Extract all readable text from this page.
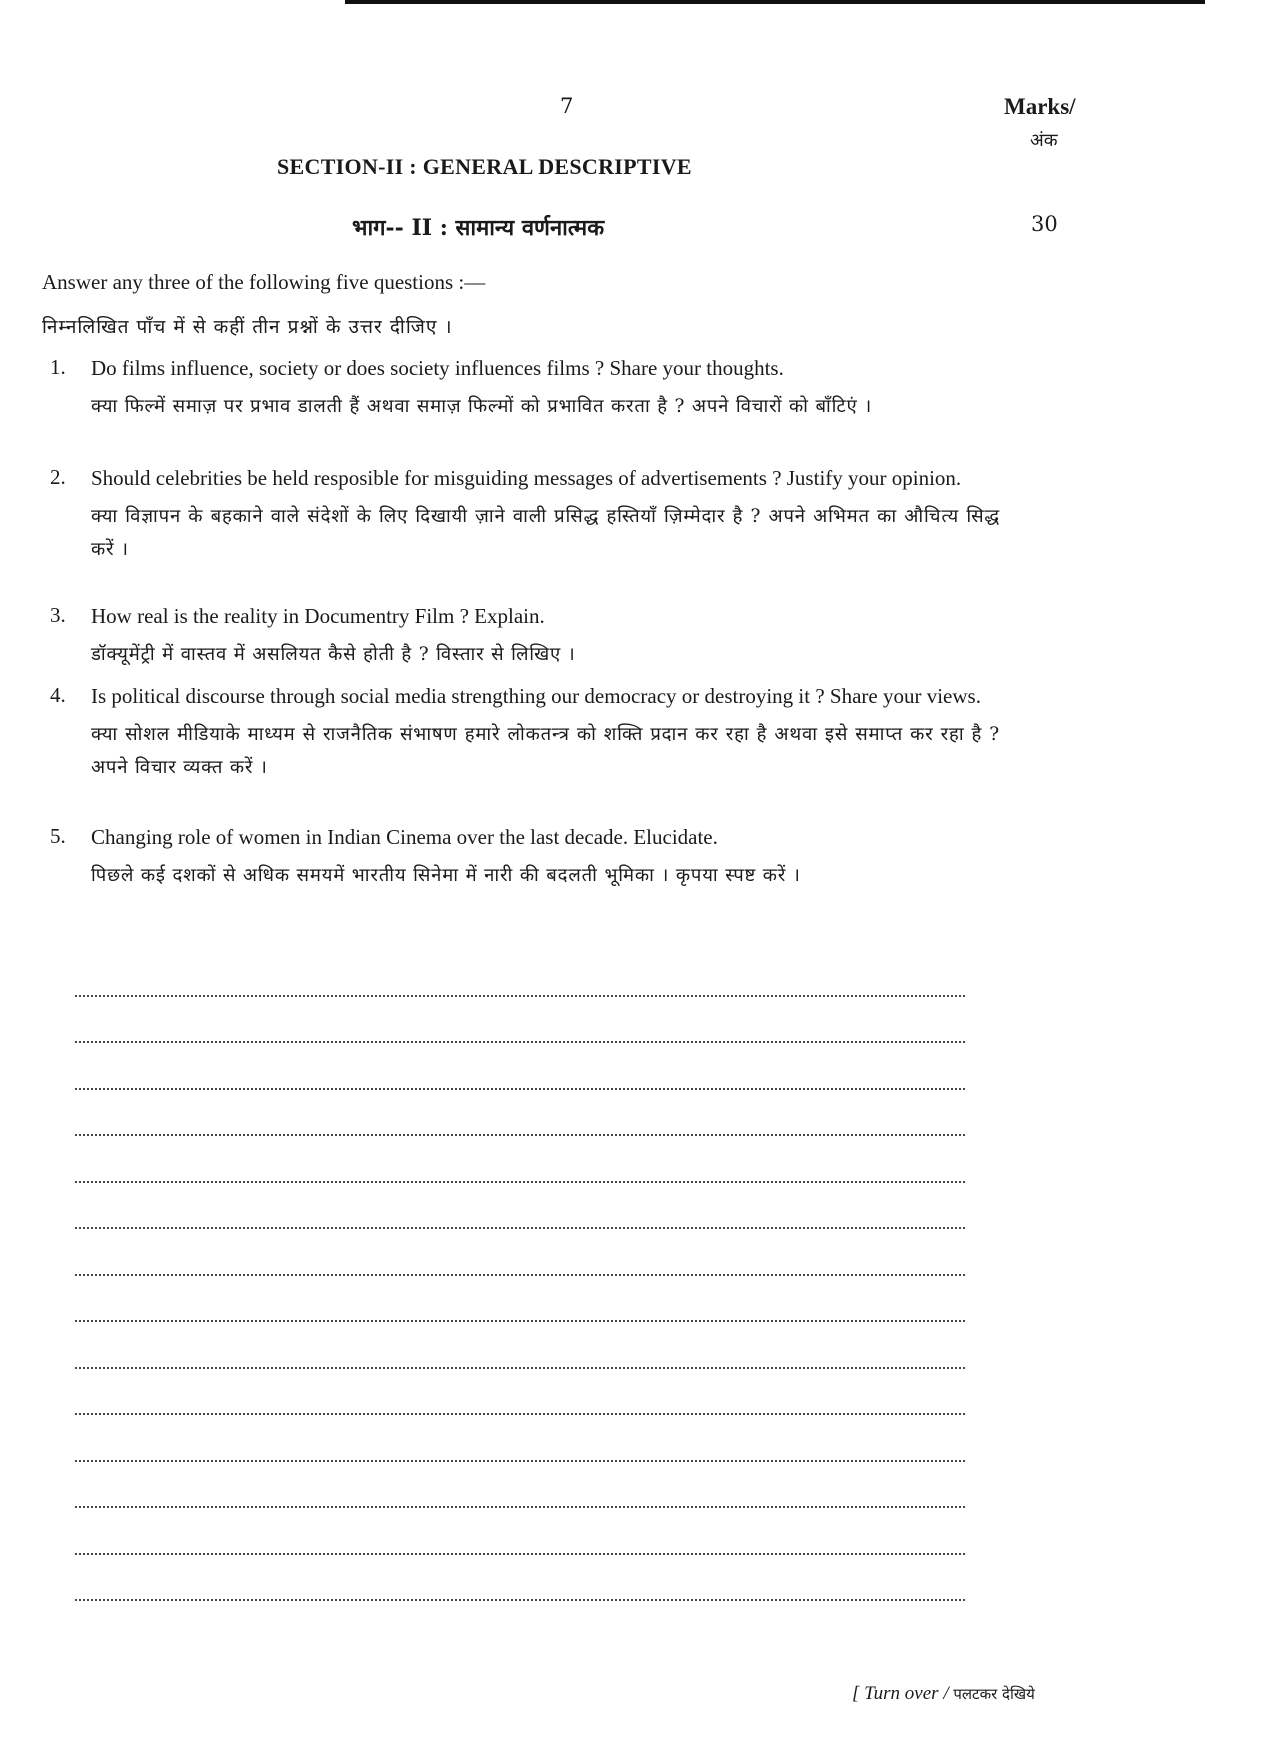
7	Marks/
अंक
SECTION-II : GENERAL DESCRIPTIVE
भाग-- II : सामान्य वर्णनात्मक	30
Answer any three of the following five questions :—
निम्नलिखित पाँच में से कहीं तीन प्रश्नों के उत्तर दीजिए ।
1. Do films influence, society or does society influences films ? Share your thoughts.
क्या फिल्में समाज़ पर प्रभाव डालती हैं अथवा समाज़ फिल्मों को प्रभावित करता है ? अपने विचारों को बाँटिएं ।
2. Should celebrities be held resposible for misguiding messages of advertisements ? Justify your opinion.
क्या विज्ञापन के बहकाने वाले संदेशों के लिए दिखायी ज़ाने वाली प्रसिद्ध हस्तियाँ ज़िम्मेदार है ? अपने अभिमत का औचित्य सिद्ध करें ।
3. How real is the reality in Documentry Film ? Explain.
डॉक्यूमेंट्री में वास्तव में असलियत कैसे होती है ? विस्तार से लिखिए ।
4. Is political discourse through social media strengthing our democracy or destroying it ? Share your views.
क्या सोशल मीडियाके माध्यम से राजनैतिक संभाषण हमारे लोकतन्त्र को शक्ति प्रदान कर रहा है अथवा इसे समाप्त कर रहा है ? अपने विचार व्यक्त करें ।
5. Changing role of women in Indian Cinema over the last decade. Elucidate.
पिछले कई दशकों से अधिक समयमें भारतीय सिनेमा में नारी की बदलती भूमिका । कृपया स्पष्ट करें ।
[ Turn over / पलटकर देखिये
